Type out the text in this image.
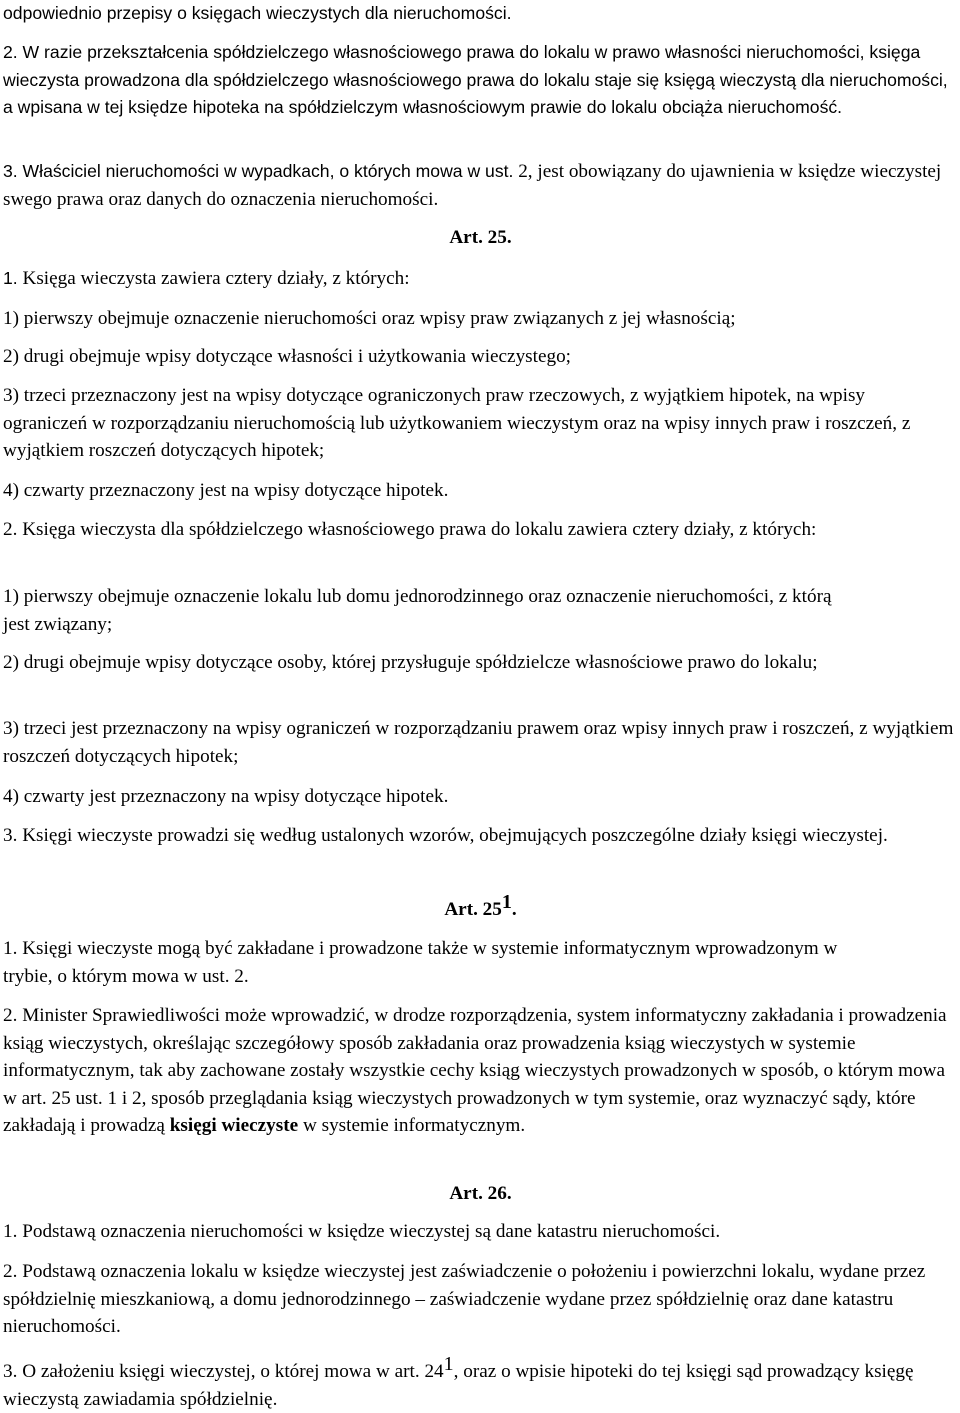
odpowiednio przepisy o księgach wieczystych dla nieruchomości.

2. W razie przekształcenia spółdzielczego własnościowego prawa do lokalu w prawo własności nieruchomości, księga wieczysta prowadzona dla spółdzielczego własnościowego prawa do lokalu staje się księgą wieczystą dla nieruchomości, a wpisana w tej księdze hipoteka na spółdzielczym własnościowym prawie do lokalu obciąża nieruchomość.

3. Właściciel nieruchomości w wypadkach, o których mowa w ust. 2, jest obowiązany do ujawnienia w księdze wieczystej swego prawa oraz danych do oznaczenia nieruchomości.

Art. 25.

1. Księga wieczysta zawiera cztery działy, z których:

1) pierwszy obejmuje oznaczenie nieruchomości oraz wpisy praw związanych z jej własnością;

2) drugi obejmuje wpisy dotyczące własności i użytkowania wieczystego;

3) trzeci przeznaczony jest na wpisy dotyczące ograniczonych praw rzeczowych, z wyjątkiem hipotek, na wpisy ograniczeń w rozporządzaniu nieruchomością lub użytkowaniem wieczystym oraz na wpisy innych praw i roszczeń, z wyjątkiem roszczeń dotyczących hipotek;

4) czwarty przeznaczony jest na wpisy dotyczące hipotek.

2. Księga wieczysta dla spółdzielczego własnościowego prawa do lokalu zawiera cztery działy, z których:

1) pierwszy obejmuje oznaczenie lokalu lub domu jednorodzinnego oraz oznaczenie nieruchomości, z którą jest związany;

2) drugi obejmuje wpisy dotyczące osoby, której przysługuje spółdzielcze własnościowe prawo do lokalu;

3) trzeci jest przeznaczony na wpisy ograniczeń w rozporządzaniu prawem oraz wpisy innych praw i roszczeń, z wyjątkiem roszczeń dotyczących hipotek;

4) czwarty jest przeznaczony na wpisy dotyczące hipotek.

3. Księgi wieczyste prowadzi się według ustalonych wzorów, obejmujących poszczególne działy księgi wieczystej.

Art. $25^1$.

1. Księgi wieczyste mogą być zakładane i prowadzone także w systemie informatycznym wprowadzonym w trybie, o którym mowa w ust. 2.

2. Minister Sprawiedliwości może wprowadzić, w drodze rozporządzenia, system informatyczny zakładania i prowadzenia ksiąg wieczystych, określając szczegółowy sposób zakładania oraz prowadzenia ksiąg wieczystych w systemie informatycznym, tak aby zachowane zostały wszystkie cechy ksiąg wieczystych prowadzonych w sposób, o którym mowa w art. 25 ust. 1 i 2, sposób przeglądania ksiąg wieczystych prowadzonych w tym systemie, oraz wyznaczyć sądy, które zakładają i prowadzą księgi wieczyste w systemie informatycznym.

Art. 26.

1. Podstawą oznaczenia nieruchomości w księdze wieczystej są dane katastru nieruchomości.

2. Podstawą oznaczenia lokalu w księdze wieczystej jest zaświadczenie o położeniu i powierzchni lokalu, wydane przez spółdzielnię mieszkaniową, a domu jednorodzinnego – zaświadczenie wydane przez spółdzielnię oraz dane katastru nieruchomości.

3. O założeniu księgi wieczystej, o której mowa w art. $24^1$, oraz o wpisie hipoteki do tej księgi sąd prowadzący księgę wieczystą zawiadamia spółdzielnię.
